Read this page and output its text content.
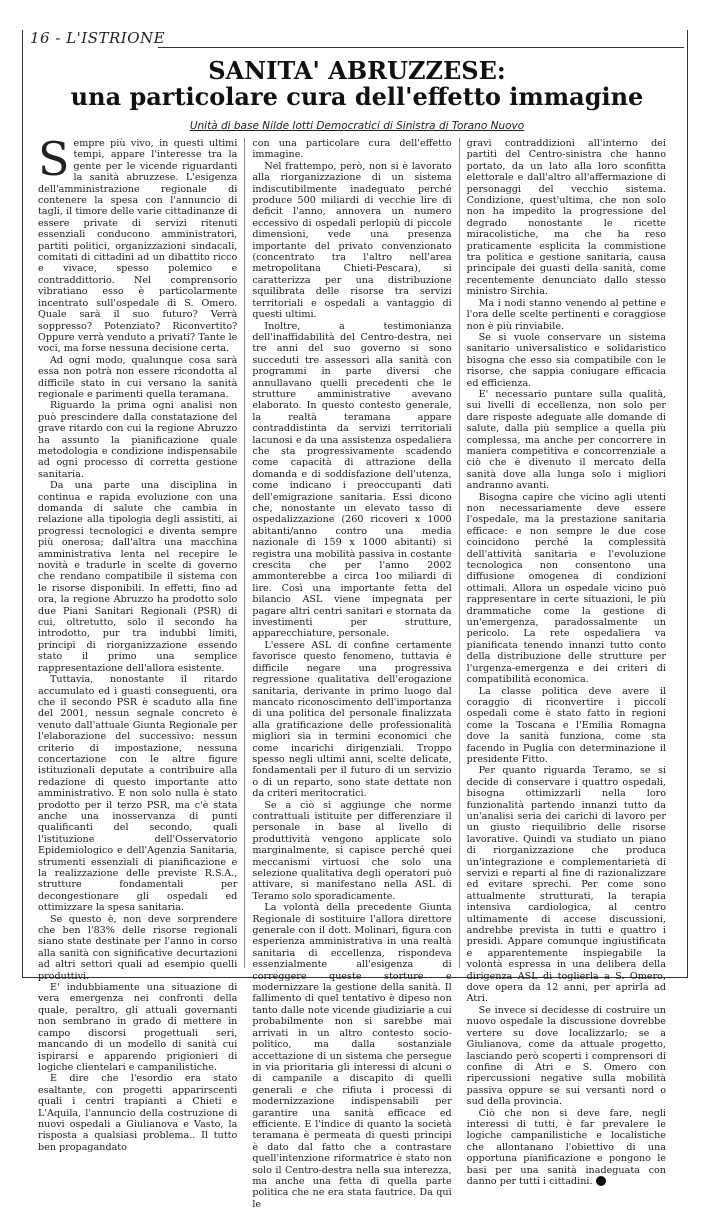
16 - L'ISTRIONE
SANITA' ABRUZZESE:
una particolare cura dell'effetto immagine
Unità di base Nilde Iotti Democratici di Sinistra di Torano Nuovo

Sempre più vivo, in questi ultimi tempi, appare l'interesse tra la gente per le vicende riguardanti la sanità abruzzese. L'esigenza dell'amministrazione regionale di contenere la spesa con l'annuncio di tagli, il timore delle varie cittadinanze di essere private di servizi ritenuti essenziali conducono amministratori, partiti politici, organizzazioni sindacali, comitati di cittadini ad un dibattito ricco e vivace, spesso polemico e contraddittorio. Nel comprensorio vibratiano esso è particolarmente incentrato sull'ospedale di S. Omero. Quale sarà il suo futuro? Verrà soppresso? Potenziato? Riconvertito? Oppure verrà venduto a privati? Tante le voci, ma forse nessuna decisione certa.

Ad ogni modo, qualunque cosa sarà essa non potrà non essere ricondotta al difficile stato in cui versano la sanità regionale e parimenti quella teramana.

Riguardo la prima ogni analisi non può prescindere dalla constatazione del grave ritardo con cui la regione Abruzzo ha assunto la pianificazione quale metodologia e condizione indispensabile ad ogni processo di corretta gestione sanitaria.

Da una parte una disciplina in continua e rapida evoluzione con una domanda di salute che cambia in relazione alla tipologia degli assistiti, ai progressi tecnologici e diventa sempre più onerosa; dall'altra una macchina amministrativa lenta nel recepire le novità e tradurle in scelte di governo che rendano compatibile il sistema con le risorse disponibili. In effetti, fino ad ora, la regione Abruzzo ha prodotto solo due Piani Sanitari Regionali (PSR) di cui, oltretutto, solo il secondo ha introdotto, pur tra indubbi limiti, principi di riorganizzazione essendo stato il primo una semplice rappresentazione dell'allora esistente.

Tuttavia, nonostante il ritardo accumulato ed i guasti conseguenti, ora che il secondo PSR è scaduto alla fine del 2001, nessun segnale concreto è venuto dall'attuale Giunta Regionale per l'elaborazione del successivo: nessun criterio di impostazione, nessuna concertazione con le altre figure istituzionali deputate a contribuire alla redazione di questo importante atto amministrativo. E non solo nulla è stato prodotto per il terzo PSR, ma c'è stata anche una inosservanza di punti qualificanti del secondo, quali l'istituzione dell'Osservatorio Epidemiologico e dell'Agenzia Sanitaria, strumenti essenziali di pianificazione e la realizzazione delle previste R.S.A., strutture fondamentali per decongestionare gli ospedali ed ottimizzare la spesa sanitaria.

Se questo è, non deve sorprendere che ben l'83% delle risorse regionali siano state destinate per l'anno in corso alla sanità con significative decurtazioni ad altri settori quali ad esempio quelli produttivi.

E' indubbiamente una situazione di vera emergenza nei confronti della quale, peraltro, gli attuali governanti non sembrano in grado di mettere in campo discorsi progettuali seri, mancando di un modello di sanità cui ispirarsi e apparendo prigionieri di logiche clientelari e campanilistiche.

E dire che l'esordio era stato esaltante, con progetti apparirscenti quali i centri trapianti a Chieti e L'Aquila, l'annuncio della costruzione di nuovi ospedali a Giulianova e Vasto, la risposta a qualsiasi problema.. Il tutto ben propagandato

con una particolare cura dell'effetto immagine.

Nel frattempo, però, non si è lavorato alla riorganizzazione di un sistema indiscutibilmente inadeguato perché produce 500 miliardi di vecchie lire di deficit l'anno, annovera un numero eccessivo di ospedali perlopiù di piccole dimensioni, vede una presenza importante del privato convenzionato (concentrato tra l'altro nell'area metropolitana Chieti-Pescara), si caratterizza per una distribuzione squilibrata delle risorse tra servizi territoriali e ospedali a vantaggio di questi ultimi.

Inoltre, a testimonianza dell'inaffidabilità del Centro-destra, nei tre anni del suo governo si sono succeduti tre assessori alla sanità con programmi in parte diversi che annullavano quelli precedenti che le strutture amministrative avevano elaborato. In questo contesto generale, la realtà teramana appare contraddistinta da servizi territoriali lacunosi e da una assistenza ospedaliera che sta progressivamente scadendo come capacità di attrazione della domanda e di soddisfazione dell'utenza, come indicano i preoccupanti dati dell'emigrazione sanitaria. Essi dicono che, nonostante un elevato tasso di ospedalizzazione (260 ricoveri x 1000 abitanti/anno contro una media nazionale di 159 x 1000 abitanti) si registra una mobilità passiva in costante crescita che per l'anno 2002 ammonterebbe a circa 1oo miliardi di lire. Così una importante fetta del bilancio ASL viene impegnata per pagare altri centri sanitari e stornata da investimenti per strutture, apparecchiature, personale.

L'essere ASL di confine certamente favorisce questo fenomeno, tuttavia è difficile negare una progressiva regressione qualitativa dell'erogazione sanitaria, derivante in primo luogo dal mancato riconoscimento dell'importanza di una politica del personale finalizzata alla gratificazione delle professionalità migliori sia in termini economici che come incarichi dirigenziali. Troppo spesso negli ultimi anni, scelte delicate, fondamentali per il futuro di un servizio o di un reparto, sono state dettate non da criteri meritocratici.

Se a ciò si aggiunge che norme contrattuali istituite per differenziare il personale in base al livello di produttività vengono applicate solo marginalmente, si capisce perché quei meccanismi virtuosi che solo una selezione qualitativa degli operatori può attivare, si manifestano nella ASL di Teramo solo sporadicamente.

La volontà della precedente Giunta Regionale di sostituire l'allora direttore generale con il dott. Molinari, figura con esperienza amministrativa in una realtà sanitaria di eccellenza, rispondeva essenzialmente all'esigenza di correggere queste storture e modernizzare la gestione della sanità. Il fallimento di quel tentativo è dipeso non tanto dalle note vicende giudiziarie a cui probabilmente non si sarebbe mai arrivati in un altro contesto socio-politico, ma dalla sostanziale accettazione di un sistema che persegue in via prioritaria gli interessi di alcuni o di campanile a discapito di quelli generali e che rifiuta i processi di modernizzazione indispensabili per garantire una sanità efficace ed efficiente. E l'indice di quanto la società teramana è permeata di questi principi è dato dal fatto che a contrastare quell'intenzione riformatrice è stato non solo il Centro-destra nella sua interezza, ma anche una fetta di quella parte politica che ne era stata fautrice. Da qui le

gravi contraddizioni all'interno dei partiti del Centro-sinistra che hanno portato, da un lato alla loro sconfitta elettorale e dall'altro all'affermazione di personaggi del vecchio sistema. Condizione, quest'ultima, che non solo non ha impedito la progressione del degrado nonostante le ricette miracolistiche, ma che ha reso praticamente esplicita la commistione tra politica e gestione sanitaria, causa principale dei guasti della sanità, come recentemente denunciato dallo stesso ministro Sirchia.

Ma i nodi stanno venendo al pettine e l'ora delle scelte pertinenti e coraggiose non è più rinviabile.

Se si vuole conservare un sistema sanitario universalistico e solidaristico bisogna che esso sia compatibile con le risorse, che sappia coniugare efficacia ed efficienza.

E' necessario puntare sulla qualità, sui livelli di eccellenza, non solo per dare risposte adeguate alle domande di salute, dalla più semplice a quella più complessa, ma anche per concorrere in maniera competitiva e concorrenziale a ciò che è divenuto il mercato della sanità dove alla lunga solo i migliori andranno avanti.

Bisogna capire che vicino agli utenti non necessariamente deve essere l'ospedale, ma la prestazione sanitaria efficace: e non sempre le due cose coincidono perché la complessità dell'attività sanitaria e l'evoluzione tecnologica non consentono una diffusione omogenea di condizioni ottimali. Allora un ospedale vicino può rappresentare in certe situazioni, le più drammatiche come la gestione di un'emergenza, paradossalmente un pericolo. La rete ospedaliera va pianificata tenendo innanzi tutto conto della distribuzione delle strutture per l'urgenza-emergenza e dei criteri di compatibilità economica.

La classe politica deve avere il coraggio di riconvertire i piccoli ospedali come è stato fatto in regioni come la Toscana e l'Emilia Romagna dove la sanità funziona, come sta facendo in Puglia con determinazione il presidente Fitto.

Per quanto riguarda Teramo, se si decide di conservare i quattro ospedali, bisogna ottimizzarli nella loro funzionalità partendo innanzi tutto da un'analisi seria dei carichi di lavoro per un giusto riequilibrio delle risorse lavorative. Quindi va studiato un piano di riorganizzazione che produca un'integrazione e complementarietà di servizi e reparti al fine di razionalizzare ed evitare sprechi. Per come sono attualmente strutturati, la terapia intensiva cardiologica, al centro ultimamente di accese discussioni, andrebbe prevista in tutti e quattro i presidi. Appare comunque ingiustificata e apparentemente inspiegabile la volontà espressa in una delibera della dirigenza ASL di toglierla a S. Omero, dove opera da 12 anni, per aprirla ad Atri.

Se invece si decidesse di costruire un nuovo ospedale la discussione dovrebbe vertere su dove localizzarlo; se a Giulianova, come da attuale progetto, lasciando però scoperti i comprensori di confine di Atri e S. Omero con ripercussioni negative sulla mobilità passiva oppure se sui versanti nord o sud della provincia.

Ciò che non si deve fare, negli interessi di tutti, è far prevalere le logiche campanilistiche e localistiche che allontanano l'obiettivo di una opportuna pianificazione e pongono le basi per una sanità inadeguata con danno per tutti i cittadini. L
